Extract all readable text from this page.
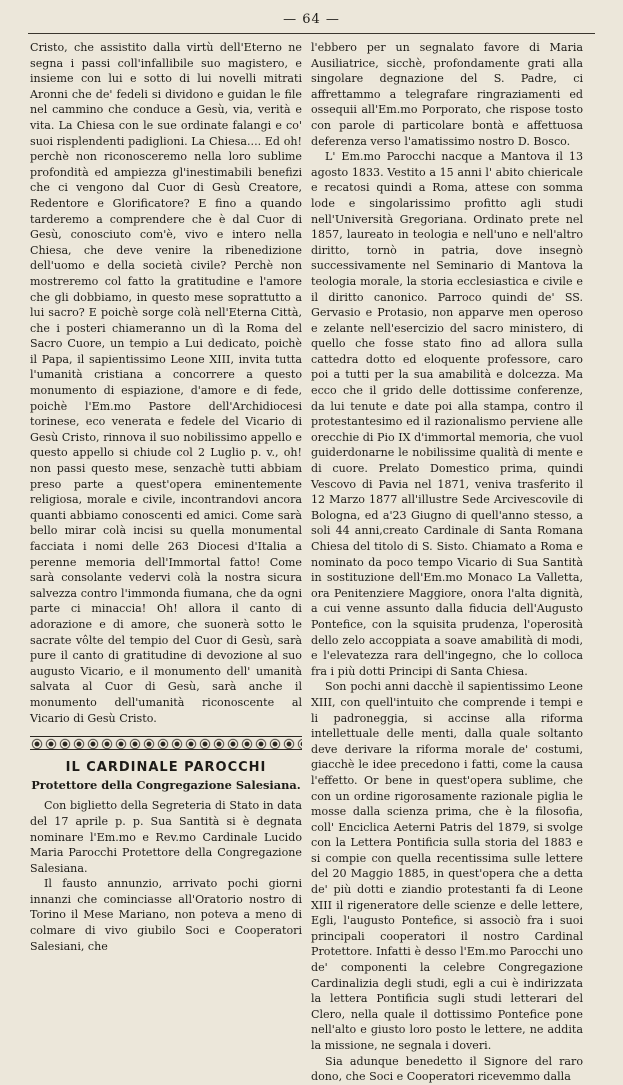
— 64 —

Cristo, che assistito dalla virtù dell'Eterno ne segna i passi coll'infallibile suo magistero, e insieme con lui e sotto di lui novelli mitrati Aronni che de' fedeli si dividono e guidan le file nel cammino che conduce a Gesù, via, verità e vita. La Chiesa con le sue ordinate falangi e co' suoi risplendenti padiglioni. La Chiesa.... Ed oh! perchè non riconosceremo nella loro sublime profondità ed ampiezza gl'inestimabili benefizi che ci vengono dal Cuor di Gesù Creatore, Redentore e Glorificatore? E fino a quando tarderemo a comprendere che è dal Cuor di Gesù, conosciuto com'è, vivo e intero nella Chiesa, che deve venire la ribenedizione dell'uomo e della società civile? Perchè non mostreremo col fatto la gratitudine e l'amore che gli dobbiamo, in questo mese soprattutto a lui sacro? E poichè sorge colà nell'Eterna Città, che i posteri chiameranno un dì la Roma del Sacro Cuore, un tempio a Lui dedicato, poichè il Papa, il sapientissimo Leone XIII, invita tutta l'umanità cristiana a concorrere a questo monumento di espiazione, d'amore e di fede, poichè l'Em.mo Pastore dell'Archidiocesi torinese, eco venerata e fedele del Vicario di Gesù Cristo, rinnova il suo nobilissimo appello e questo appello si chiude col 2 Luglio p. v., oh! non passi questo mese, senzachè tutti abbiam preso parte a quest'opera eminentemente religiosa, morale e civile, incontrandovi ancora quanti abbiamo conoscenti ed amici. Come sarà bello mirar colà incisi su quella monumental facciata i nomi delle 263 Diocesi d'Italia a perenne memoria dell'Immortal fatto! Come sarà consolante vedervi colà la nostra sicura salvezza contro l'immonda fiumana, che da ogni parte ci minaccia! Oh! allora il canto di adorazione e di amore, che suonerà sotto le sacrate vôlte del tempio del Cuor di Gesù, sarà pure il canto di gratitudine di devozione al suo augusto Vicario, e il monumento dell' umanità salvata al Cuor di Gesù, sarà anche il monumento dell'umanità riconoscente al Vicario di Gesù Cristo.

IL CARDINALE PAROCCHI
Protettore della Congregazione Salesiana.

Con biglietto della Segreteria di Stato in data del 17 aprile p. p. Sua Santità si è degnata nominare l'Em.mo e Rev.mo Cardinale Lucido Maria Parocchi Protettore della Congregazione Salesiana.

Il fausto annunzio, arrivato pochi giorni innanzi che cominciasse all'Oratorio nostro di Torino il Mese Mariano, non poteva a meno di colmare di vivo giubilo Soci e Cooperatori Salesiani, che

l'ebbero per un segnalato favore di Maria Ausiliatrice, sicchè, profondamente grati alla singolare degnazione del S. Padre, ci affrettammo a telegrafare ringraziamenti ed ossequii all'Em.mo Porporato, che rispose tosto con parole di particolare bontà e affettuosa deferenza verso l'amatissimo nostro D. Bosco.

L' Em.mo Parocchi nacque a Mantova il 13 agosto 1833. Vestito a 15 anni l' abito chiericale e recatosi quindi a Roma, attese con somma lode e singolarissimo profitto agli studi nell'Università Gregoriana. Ordinato prete nel 1857, laureato in teologia e nell'uno e nell'altro diritto, tornò in patria, dove insegnò successivamente nel Seminario di Mantova la teologia morale, la storia ecclesiastica e civile e il diritto canonico. Parroco quindi de' SS. Gervasio e Protasio, non apparve men operoso e zelante nell'esercizio del sacro ministero, di quello che fosse stato fino ad allora sulla cattedra dotto ed eloquente professore, caro poi a tutti per la sua amabilità e dolcezza. Ma ecco che il grido delle dottissime conferenze, da lui tenute e date poi alla stampa, contro il protestantesimo ed il razionalismo perviene alle orecchie di Pio IX d'immortal memoria, che vuol guiderdonarne le nobilissime qualità di mente e di cuore. Prelato Domestico prima, quindi Vescovo di Pavia nel 1871, veniva trasferito il 12 Marzo 1877 all'illustre Sede Arcivescovile di Bologna, ed a'23 Giugno di quell'anno stesso, a soli 44 anni,creato Cardinale di Santa Romana Chiesa del titolo di S. Sisto. Chiamato a Roma e nominato da poco tempo Vicario di Sua Santità in sostituzione dell'Em.mo Monaco La Valletta, ora Penitenziere Maggiore, onora l'alta dignità, a cui venne assunto dalla fiducia dell'Augusto Pontefice, con la squisita prudenza, l'operosità dello zelo accoppiata a soave amabilità di modi, e l'elevatezza rara dell'ingegno, che lo colloca fra i più dotti Principi di Santa Chiesa.

Son pochi anni dacchè il sapientissimo Leone XIII, con quell'intuito che comprende i tempi e li padroneggia, si accinse alla riforma intellettuale delle menti, dalla quale soltanto deve derivare la riforma morale de' costumi, giacchè le idee precedono i fatti, come la causa l'effetto. Or bene in quest'opera sublime, che con un ordine rigorosamente razionale piglia le mosse dalla scienza prima, che è la filosofia, coll' Enciclica Aeterni Patris del 1879, si svolge con la Lettera Pontificia sulla storia del 1883 e si compie con quella recentissima sulle lettere del 20 Maggio 1885, in quest'opera che a detta de' più dotti e ziandio protestanti fa di Leone XIII il rigeneratore delle scienze e delle lettere, Egli, l'augusto Pontefice, si associò fra i suoi principali cooperatori il nostro Cardinal Protettore. Infatti è desso l'Em.mo Parocchi uno de' componenti la celebre Congregazione Cardinalizia degli studi, egli a cui è indirizzata la lettera Pontificia sugli studi letterari del Clero, nella quale il dottissimo Pontefice pone nell'alto e giusto loro posto le lettere, ne addita la missione, ne segnala i doveri.

Sia adunque benedetto il Signore del raro dono, che Soci e Cooperatori ricevemmo dalla
